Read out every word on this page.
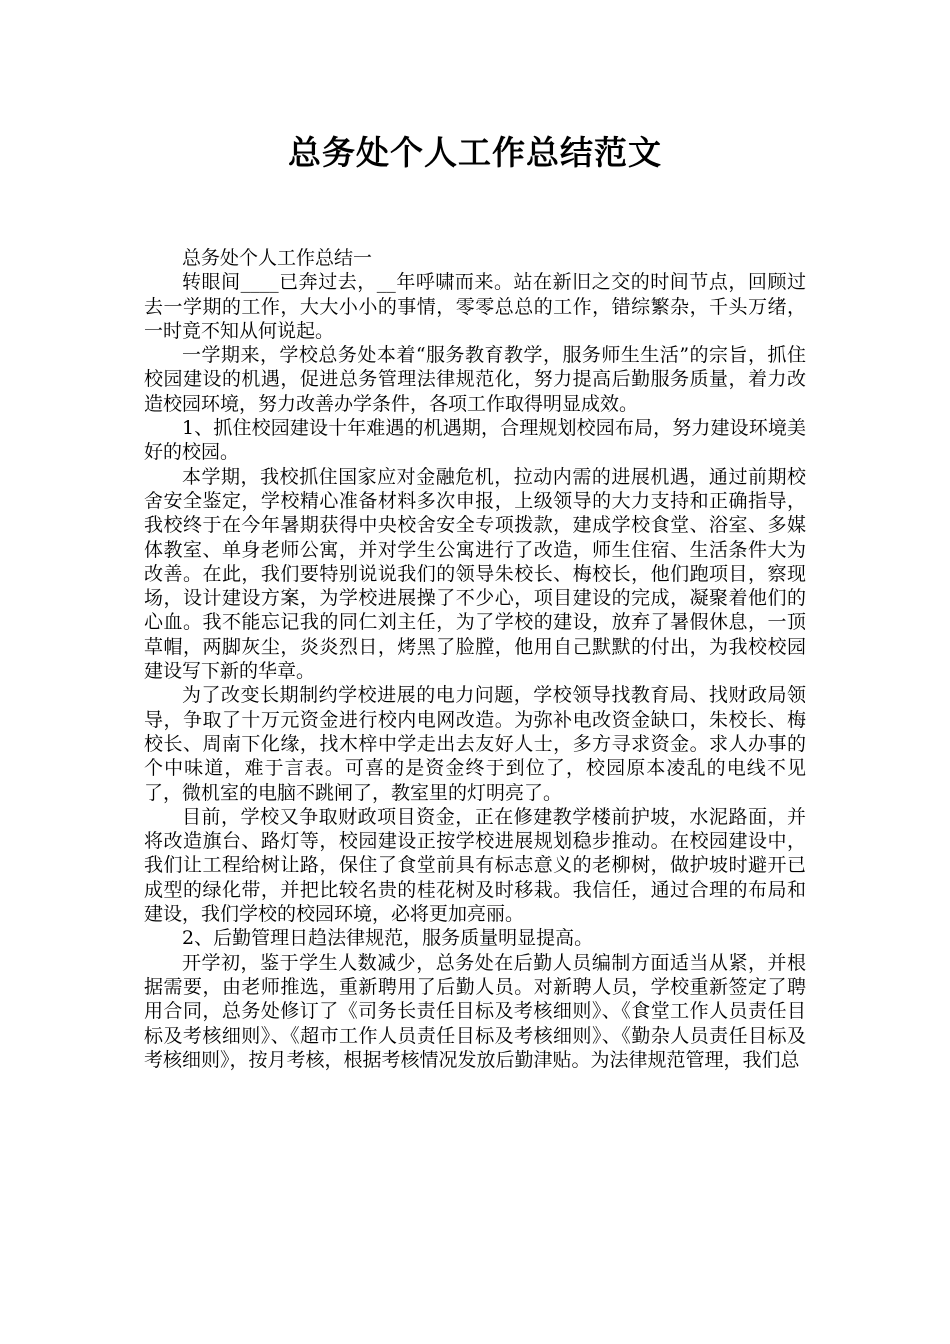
总务处个人工作总结范文

总务处个人工作总结一

转眼间____已奔过去，__年呼啸而来。站在新旧之交的时间节点，回顾过去一学期的工作，大大小小的事情，零零总总的工作，错综繁杂，千头万绪，一时竟不知从何说起。

一学期来，学校总务处本着“服务教育教学，服务师生生活”的宗旨，抓住校园建设的机遇，促进总务管理法律规范化，努力提高后勤服务质量，着力改造校园环境，努力改善办学条件，各项工作取得明显成效。

1、抓住校园建设十年难遇的机遇期，合理规划校园布局，努力建设环境美好的校园。

本学期，我校抓住国家应对金融危机，拉动内需的进展机遇，通过前期校舍安全鉴定，学校精心准备材料多次申报，上级领导的大力支持和正确指导，我校终于在今年暑期获得中央校舍安全专项拨款，建成学校食堂、浴室、多媒体教室、单身老师公寓，并对学生公寓进行了改造，师生住宿、生活条件大为改善。在此，我们要特别说说我们的领导朱校长、梅校长，他们跑项目，察现场，设计建设方案，为学校进展操了不少心，项目建设的完成，凝聚着他们的心血。我不能忘记我的同仁刘主任，为了学校的建设，放弃了暑假休息，一顶草帽，两脚灰尘，炎炎烈日，烤黑了脸膛，他用自己默默的付出，为我校校园建设写下新的华章。

为了改变长期制约学校进展的电力问题，学校领导找教育局、找财政局领导，争取了十万元资金进行校内电网改造。为弥补电改资金缺口，朱校长、梅校长、周南下化缘，找木梓中学走出去友好人士，多方寻求资金。求人办事的个中味道，难于言表。可喜的是资金终于到位了，校园原本凌乱的电线不见了，微机室的电脑不跳闸了，教室里的灯明亮了。

目前，学校又争取财政项目资金，正在修建教学楼前护坡，水泥路面，并将改造旗台、路灯等，校园建设正按学校进展规划稳步推动。在校园建设中，我们让工程给树让路，保住了食堂前具有标志意义的老柳树，做护坡时避开已成型的绿化带，并把比较名贵的桂花树及时移栽。我信任，通过合理的布局和建设，我们学校的校园环境，必将更加亮丽。

2、后勤管理日趋法律规范，服务质量明显提高。

开学初，鉴于学生人数减少，总务处在后勤人员编制方面适当从紧，并根据需要，由老师推选，重新聘用了后勤人员。对新聘人员，学校重新签定了聘用合同，总务处修订了《司务长责任目标及考核细则》、《食堂工作人员责任目标及考核细则》、《超市工作人员责任目标及考核细则》、《勤杂人员责任目标及考核细则》，按月考核，根据考核情况发放后勤津贴。为法律规范管理，我们总
